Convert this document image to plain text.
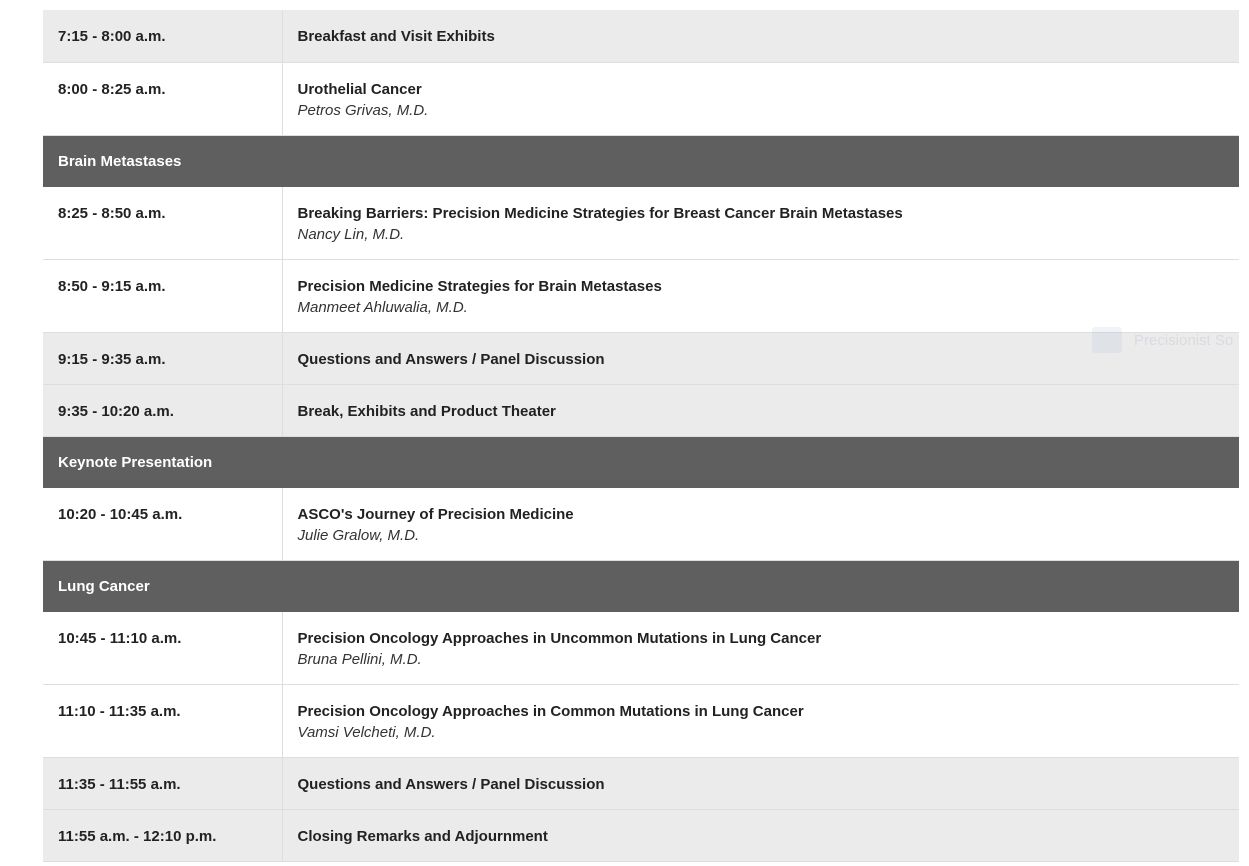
7:15 - 8:00 a.m.	Breakfast and Visit Exhibits

8:00 - 8:25 a.m.	Urothelial Cancer
Petros Grivas, M.D.

Brain Metastases	
8:25 - 8:50 a.m.	Breaking Barriers: Precision Medicine Strategies for Breast Cancer Brain Metastases
Nancy Lin, M.D.

8:50 - 9:15 a.m.	Precision Medicine Strategies for Brain Metastases
Manmeet Ahluwalia, M.D.

9:15 - 9:35 a.m.	Questions and Answers / Panel Discussion

9:35 - 10:20 a.m.	Break, Exhibits and Product Theater

Keynote Presentation	
10:20 - 10:45 a.m.	ASCO's Journey of Precision Medicine
Julie Gralow, M.D.

Lung Cancer	
10:45 - 11:10 a.m.	Precision Oncology Approaches in Uncommon Mutations in Lung Cancer
Bruna Pellini, M.D.

11:10 - 11:35 a.m.	Precision Oncology Approaches in Common Mutations in Lung Cancer
Vamsi Velcheti, M.D.

11:35 - 11:55 a.m.	Questions and Answers / Panel Discussion

11:55 a.m. - 12:10 p.m.	Closing Remarks and Adjournment
